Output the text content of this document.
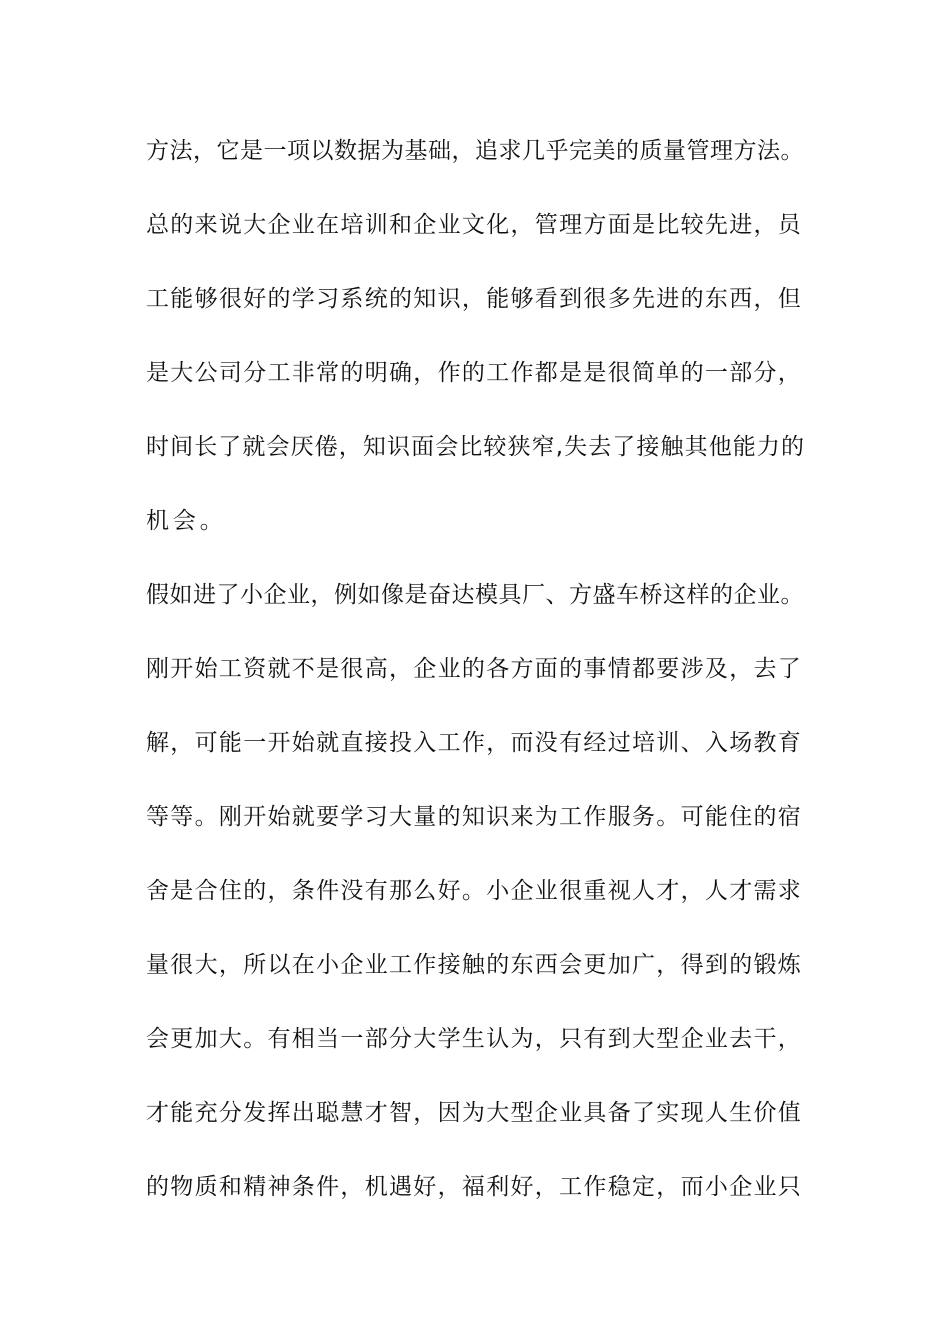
方法，它是一项以数据为基础，追求几乎完美的质量管理方法。

总的来说大企业在培训和企业文化，管理方面是比较先进，员

工能够很好的学习系统的知识，能够看到很多先进的东西，但

是大公司分工非常的明确，作的工作都是是很简单的一部分，

时间长了就会厌倦，知识面会比较狭窄,失去了接触其他能力的

机会。

假如进了小企业，例如像是奋达模具厂、方盛车桥这样的企业。

刚开始工资就不是很高，企业的各方面的事情都要涉及，去了

解，可能一开始就直接投入工作，而没有经过培训、入场教育

等等。刚开始就要学习大量的知识来为工作服务。可能住的宿

舍是合住的，条件没有那么好。小企业很重视人才，人才需求

量很大，所以在小企业工作接触的东西会更加广，得到的锻炼

会更加大。有相当一部分大学生认为，只有到大型企业去干，

才能充分发挥出聪慧才智，因为大型企业具备了实现人生价值

的物质和精神条件，机遇好，福利好，工作稳定，而小企业只
